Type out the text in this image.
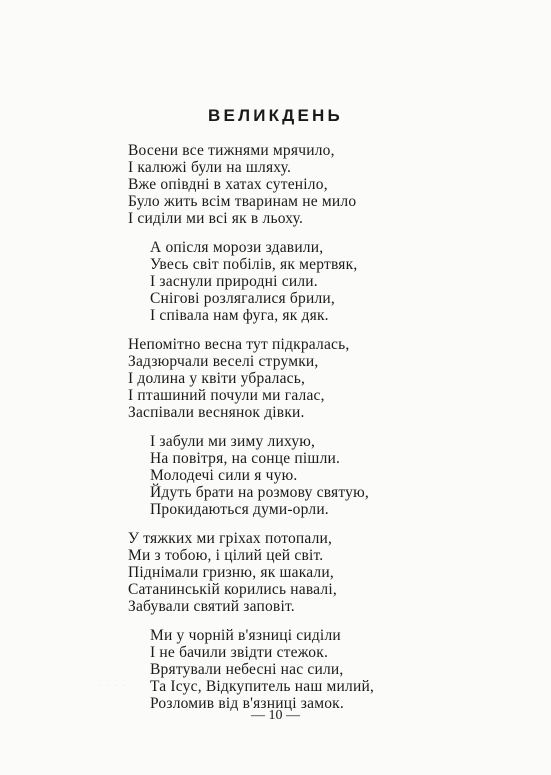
ВЕЛИКДЕНЬ
Восени все тижнями мрячило,
І калюжі були на шляху.
Вже опівдні в хатах сутеніло,
Було жить всім тваринам не мило
І сиділи ми всі як в льоху.
А опісля морози здавили,
Увесь світ побілів, як мертвяк,
І заснули природні сили.
Снігові розлягалися брили,
І співала нам фуга, як дяк.
Непомітно весна тут підкралась,
Задзюрчали веселі струмки,
І долина у квіти убралась,
І пташиний почули ми галас,
Заспівали веснянок дівки.
І забули ми зиму лихую,
На повітря, на сонце пішли.
Молодечі сили я чую.
Йдуть брати на розмову святую,
Прокидаються думи-орли.
У тяжких ми гріхах потопали,
Ми з тобою, і цілий цей світ.
Піднімали гризню, як шакали,
Сатанинській корились навалі,
Забували святий заповіт.
Ми у чорній в'язниці сиділи
І не бачили звідти стежок.
Врятували небесні нас сили,
Та Ісус, Відкупитель наш милий,
Розломив від в'язниці замок.
· · · ·
— 10 —
